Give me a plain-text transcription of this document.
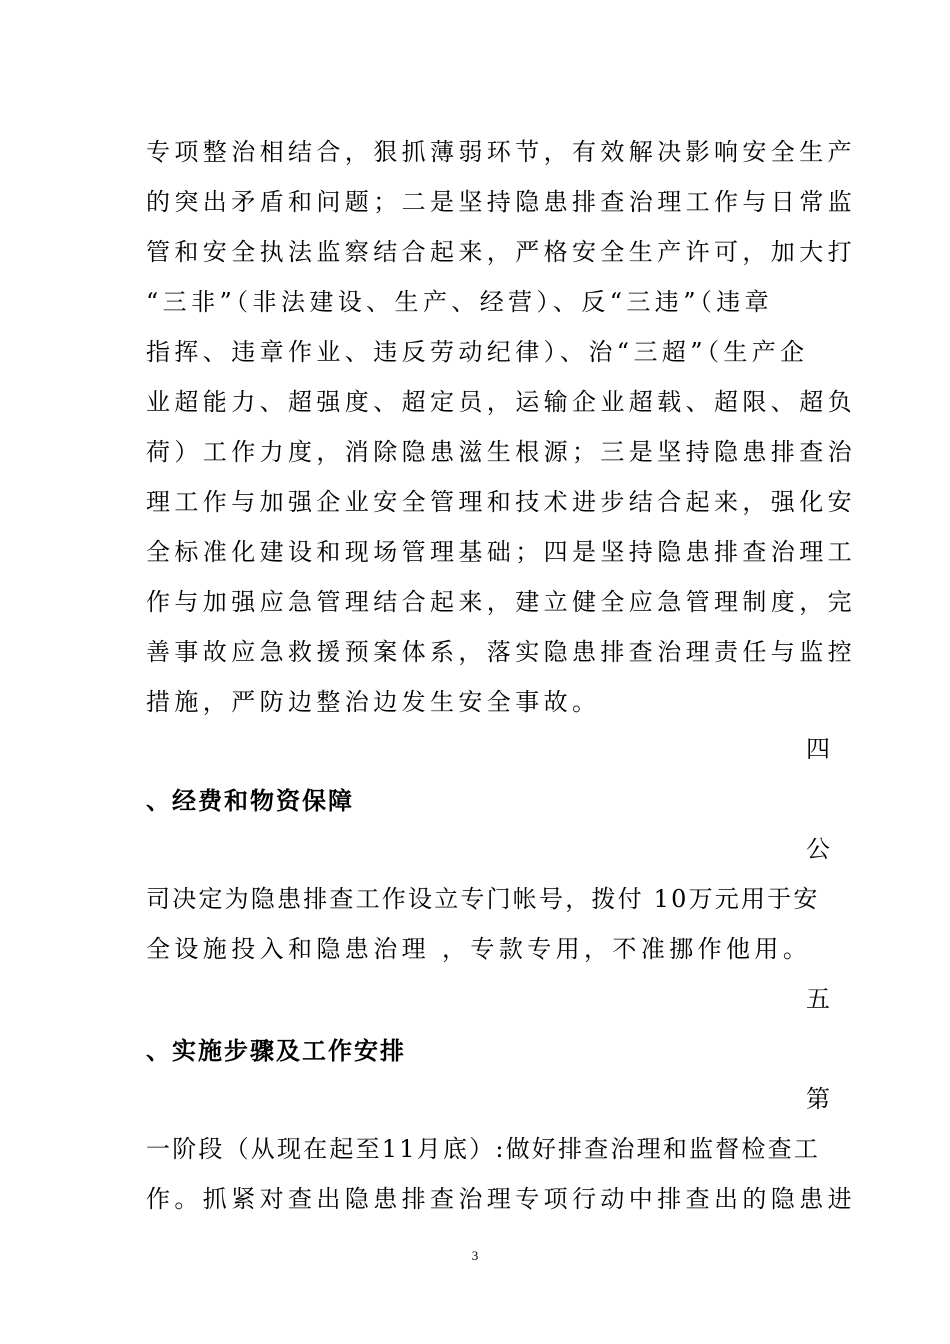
专项整治相结合，狠抓薄弱环节，有效解决影响安全生产
的突出矛盾和问题；二是坚持隐患排查治理工作与日常监
管和安全执法监察结合起来，严格安全生产许可，加大打
“三非”（非法建设、生产、经营）、反“三违”（违章
指挥、违章作业、违反劳动纪律）、治“三超”（生产企
业超能力、超强度、超定员，运输企业超载、超限、超负
荷）工作力度，消除隐患滋生根源；三是坚持隐患排查治
理工作与加强企业安全管理和技术进步结合起来，强化安
全标准化建设和现场管理基础；四是坚持隐患排查治理工
作与加强应急管理结合起来，建立健全应急管理制度，完
善事故应急救援预案体系，落实隐患排查治理责任与监控
措施，严防边整治边发生安全事故。
四
、经费和物资保障
公
司决定为隐患排查工作设立专门帐号，拨付 10万元用于安
全设施投入和隐患治理 ，专款专用，不准挪作他用。
五
、实施步骤及工作安排
第
一阶段（从现在起至11月底）:做好排查治理和监督检查工
作。抓紧对查出隐患排查治理专项行动中排查出的隐患进
3
